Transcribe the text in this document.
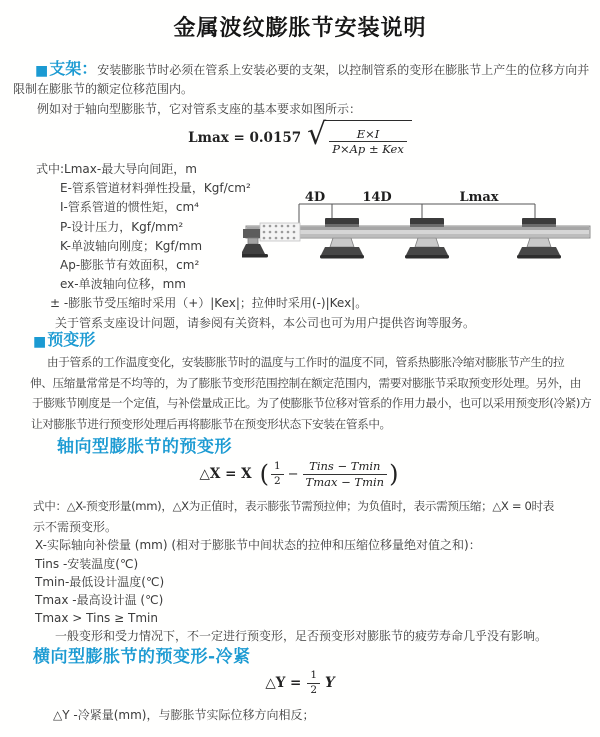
金属波纹膨胀节安装说明
■支架：安装膨胀节时必须在管系上安装必要的支架，以控制管系的变形在膨胀节上产生的位移方向并
限制在膨胀节的额定位移范围内。
例如对于轴向型膨胀节，它对管系支座的基本要求如图所示：
Lmax = 0.0157 √	E×I
P×Ap ± Kex
式中:Lmax-最大导向间距，m
E-管系管道材料弹性投量，Kgf/cm²
I-管系管道的惯性矩，cm⁴
P-设计压力，Kgf/mm²
K-单波轴向刚度；Kgf/mm
Ap-膨胀节有效面积，cm²
ex-单波轴向位移，mm
± -膨胀节受压缩时采用（+）|Kex|；拉伸时采用(-)|Kex|。
关于管系支座设计问题，请参阅有关资料，本公司也可为用户提供咨询等服务。
4D	14D	Lmax
■预变形
由于管系的工作温度变化，安装膨胀节时的温度与工作时的温度不同，管系热膨胀冷缩对膨胀节产生的拉
伸、压缩量常常是不均等的，为了膨胀节变形范围控制在额定范围内，需要对膨胀节采取预变形处理。另外，由
于膨账节刚度是一个定值，与补偿量成正比。为了使膨胀节位移对管系的作用力最小，也可以采用预变形(冷紧)方
让对膨胀节进行预变形处理后再将膨胀节在预变形状态下安装在管系中。
轴向型膨胀节的预变形
△X = X ( $\frac{1}{2}$ −
Tins − Tmin
Tmax − Tmin )
式中：△X-预变形量(mm)，△X为正值时，表示膨张节需预拉伸；为负值时，表示需预压缩；△X = 0时表
示不需预变形。
X-实际轴向补偿量 (mm) (相对于膨胀节中间状态的拉伸和压缩位移量绝对值之和)：
Tins -安装温度(℃)
Tmin-最低设计温度(℃)
Tmax -最高设计温 (℃)
Tmax > Tins ≥ Tmin
一般变形和受力情况下，不一定进行预变形，足否预变形对膨胀节的疲劳寿命几乎没有影响。
横向型膨胀节的预变形-冷紧
△Y = $\frac{1}{2}$ Y
△Y -冷紧量(mm)，与膨胀节实际位移方向相反；
